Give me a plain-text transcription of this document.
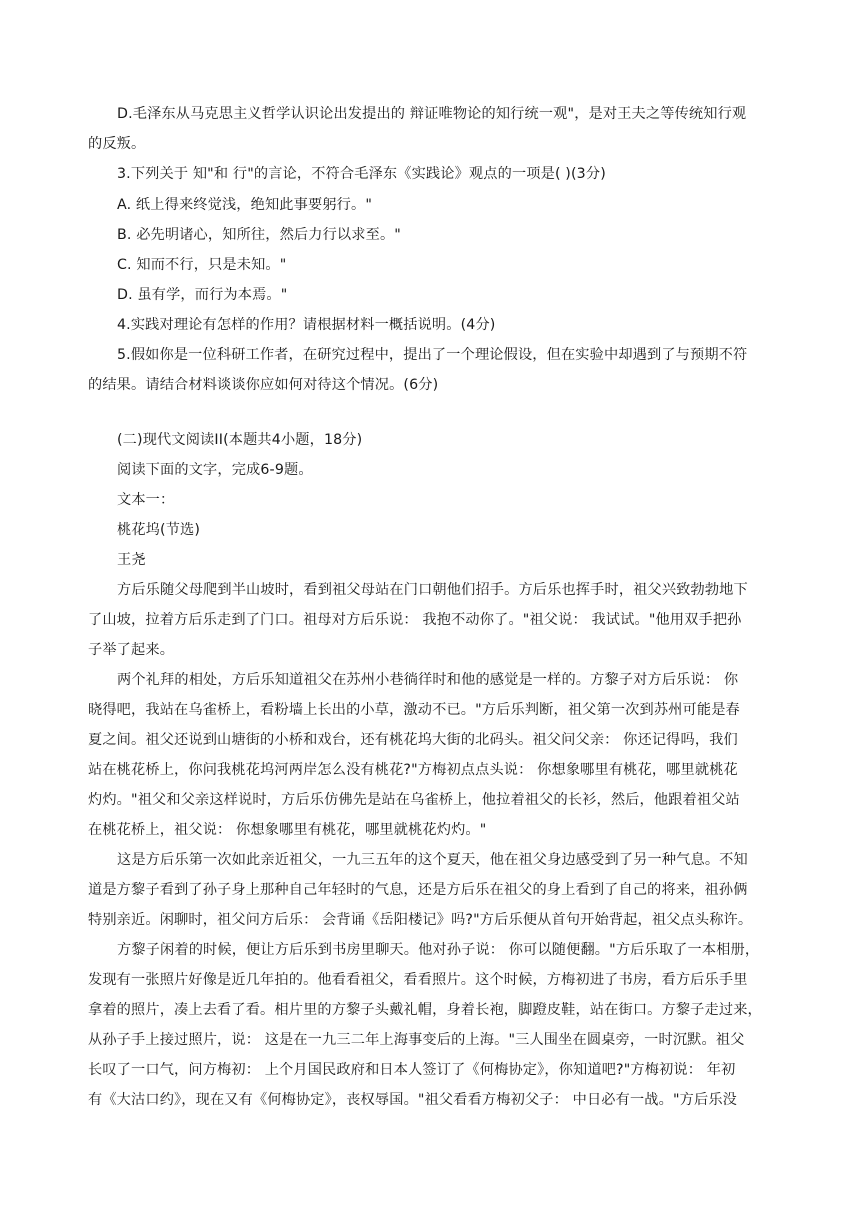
D.毛泽东从马克思主义哲学认识论出发提出的 辩证唯物论的知行统一观"，是对王夫之等传统知行观
的反叛。
3.下列关于 知"和 行"的言论，不符合毛泽东《实践论》观点的一项是( )(3分)
A. 纸上得来终觉浅，绝知此事要躬行。"
B. 必先明诸心，知所往，然后力行以求至。"
C. 知而不行，只是未知。"
D. 虽有学，而行为本焉。"
4.实践对理论有怎样的作用？请根据材料一概括说明。(4分)
5.假如你是一位科研工作者，在研究过程中，提出了一个理论假设，但在实验中却遇到了与预期不符
的结果。请结合材料谈谈你应如何对待这个情况。(6分)
(二)现代文阅读II(本题共4小题，18分)
阅读下面的文字，完成6-9题。
文本一：
桃花坞(节选)
王尧
方后乐随父母爬到半山坡时，看到祖父母站在门口朝他们招手。方后乐也挥手时，祖父兴致勃勃地下
了山坡，拉着方后乐走到了门口。祖母对方后乐说： 我抱不动你了。"祖父说： 我试试。"他用双手把孙
子举了起来。
两个礼拜的相处，方后乐知道祖父在苏州小巷徜徉时和他的感觉是一样的。方黎子对方后乐说： 你
晓得吧，我站在乌雀桥上，看粉墙上长出的小草，激动不已。"方后乐判断，祖父第一次到苏州可能是春
夏之间。祖父还说到山塘街的小桥和戏台，还有桃花坞大街的北码头。祖父问父亲： 你还记得吗，我们
站在桃花桥上，你问我桃花坞河两岸怎么没有桃花?"方梅初点点头说： 你想象哪里有桃花，哪里就桃花
灼灼。"祖父和父亲这样说时，方后乐仿佛先是站在乌雀桥上，他拉着祖父的长衫，然后，他跟着祖父站
在桃花桥上，祖父说： 你想象哪里有桃花，哪里就桃花灼灼。"
这是方后乐第一次如此亲近祖父，一九三五年的这个夏天，他在祖父身边感受到了另一种气息。不知
道是方黎子看到了孙子身上那种自己年轻时的气息，还是方后乐在祖父的身上看到了自己的将来，祖孙俩
特别亲近。闲聊时，祖父问方后乐： 会背诵《岳阳楼记》吗?"方后乐便从首句开始背起，祖父点头称许。
方黎子闲着的时候，便让方后乐到书房里聊天。他对孙子说： 你可以随便翻。"方后乐取了一本相册，
发现有一张照片好像是近几年拍的。他看看祖父，看看照片。这个时候，方梅初进了书房，看方后乐手里
拿着的照片，凑上去看了看。相片里的方黎子头戴礼帽，身着长袍，脚蹬皮鞋，站在街口。方黎子走过来，
从孙子手上接过照片，说： 这是在一九三二年上海事变后的上海。"三人围坐在圆桌旁，一时沉默。祖父
长叹了一口气，问方梅初： 上个月国民政府和日本人签订了《何梅协定》，你知道吧?"方梅初说： 年初
有《大沽口约》，现在又有《何梅协定》，丧权辱国。"祖父看看方梅初父子： 中日必有一战。"方后乐没
